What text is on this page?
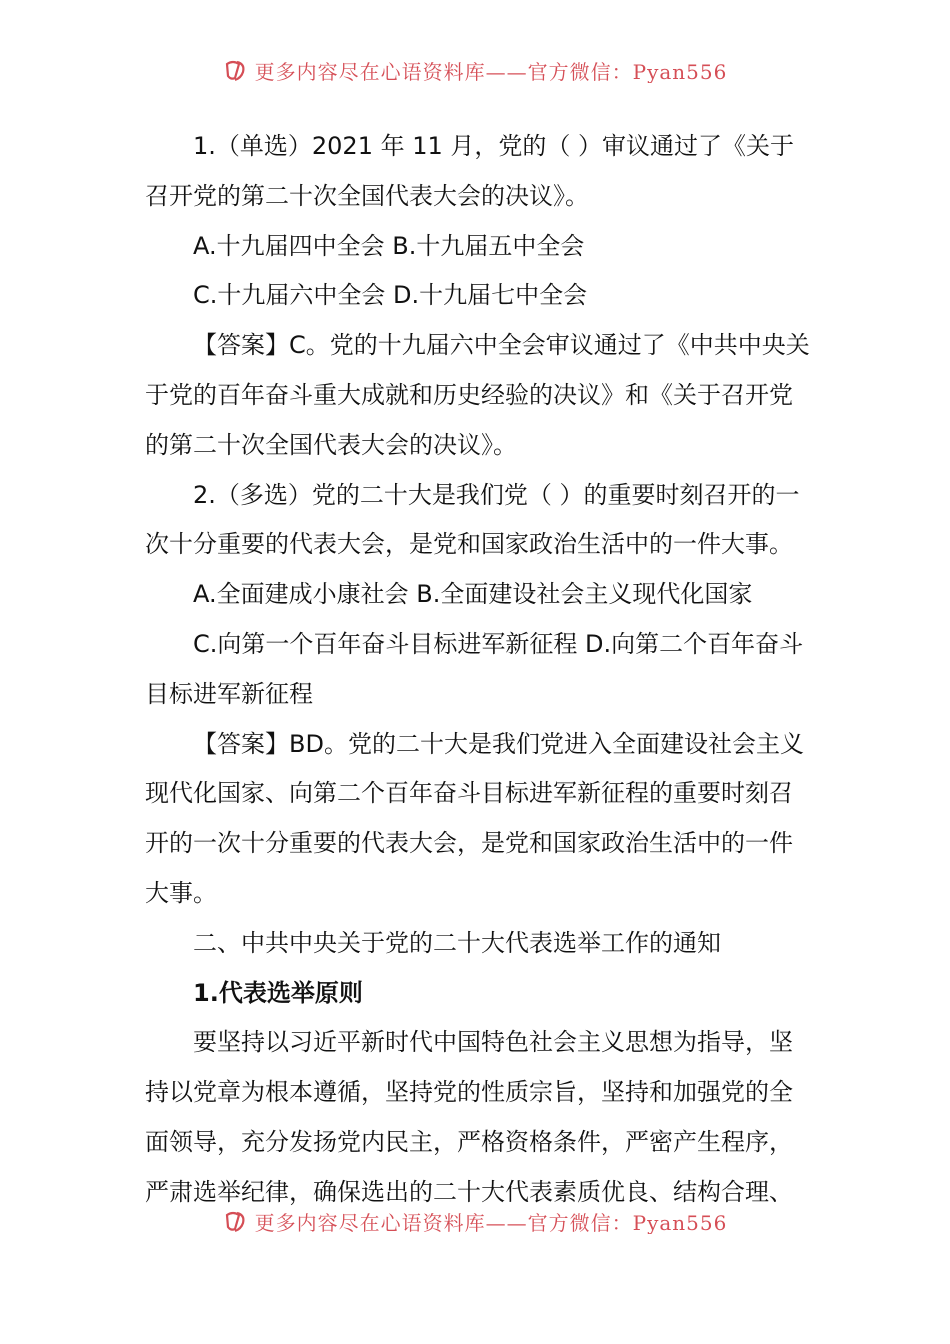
更多内容尽在心语资料库——官方微信：Pyan556

1.（单选）2021 年 11 月，党的（ ）审议通过了《关于召开党的第二十次全国代表大会的决议》。

A.十九届四中全会 B.十九届五中全会

C.十九届六中全会 D.十九届七中全会

【答案】C。党的十九届六中全会审议通过了《中共中央关于党的百年奋斗重大成就和历史经验的决议》和《关于召开党的第二十次全国代表大会的决议》。

2.（多选）党的二十大是我们党（ ）的重要时刻召开的一次十分重要的代表大会，是党和国家政治生活中的一件大事。

A.全面建成小康社会 B.全面建设社会主义现代化国家

C.向第一个百年奋斗目标进军新征程 D.向第二个百年奋斗目标进军新征程

【答案】BD。党的二十大是我们党进入全面建设社会主义现代化国家、向第二个百年奋斗目标进军新征程的重要时刻召开的一次十分重要的代表大会，是党和国家政治生活中的一件大事。

二、中共中央关于党的二十大代表选举工作的通知

1.代表选举原则

要坚持以习近平新时代中国特色社会主义思想为指导，坚持以党章为根本遵循，坚持党的性质宗旨，坚持和加强党的全面领导，充分发扬党内民主，严格资格条件，严密产生程序，严肃选举纪律，确保选出的二十大代表素质优良、结构合理、

更多内容尽在心语资料库——官方微信：Pyan556
